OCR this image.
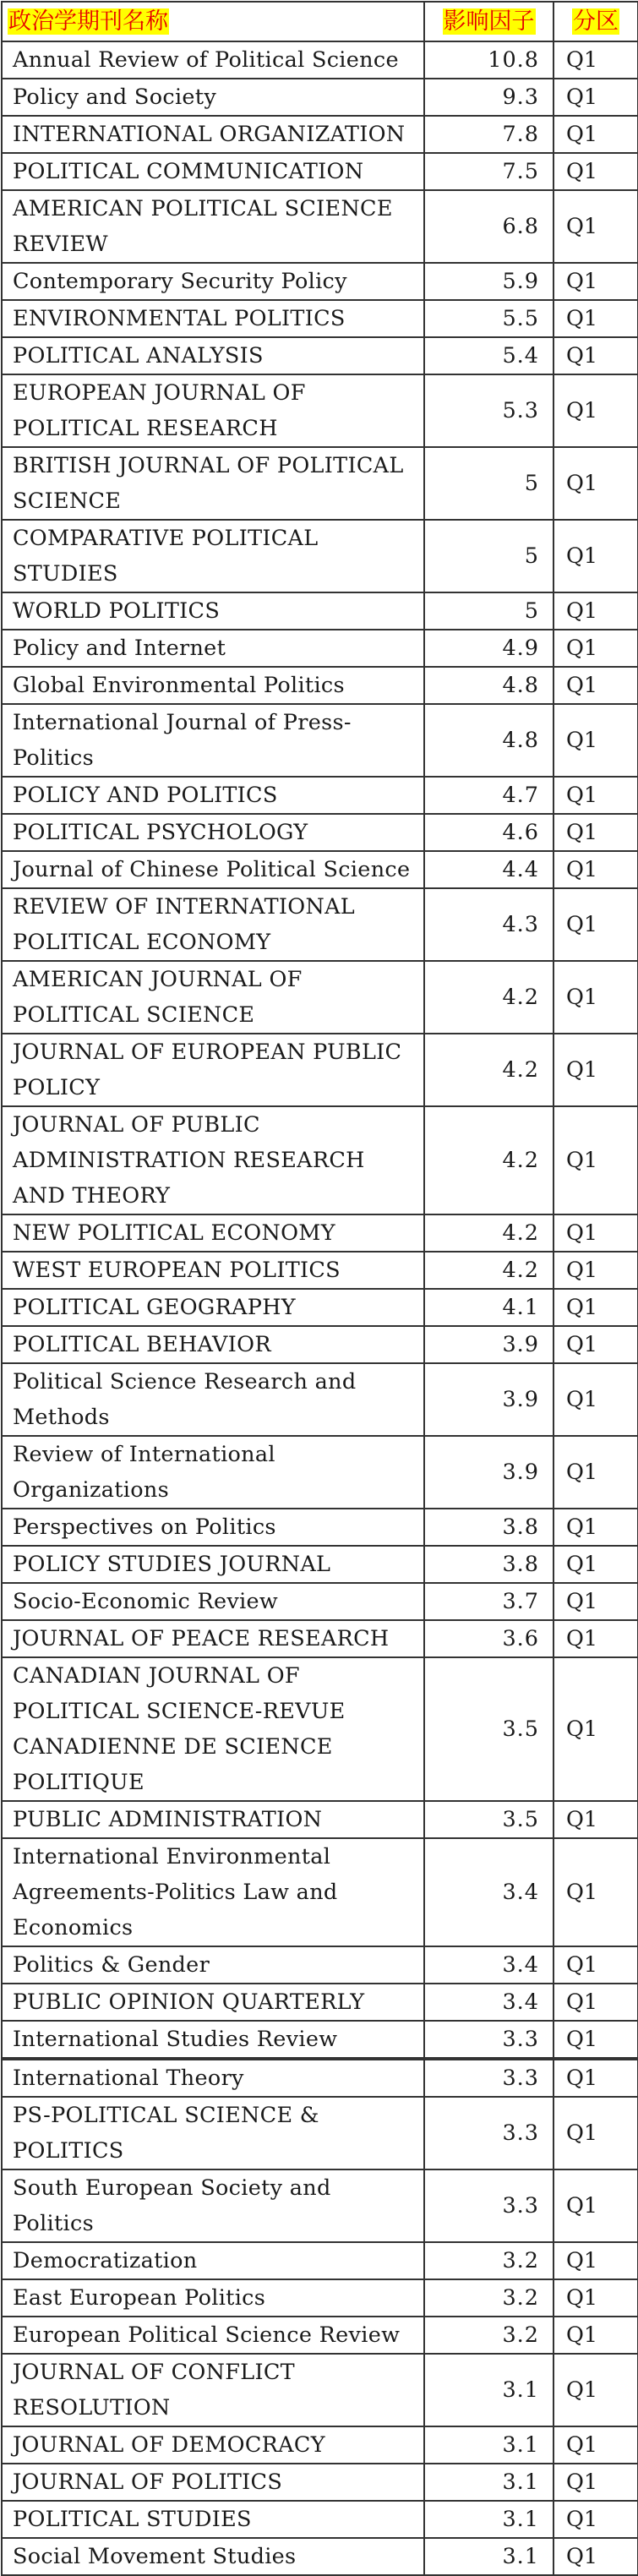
政治学期刊名称	影响因子	分区
Annual Review of Political Science	10.8	Q1
Policy and Society	9.3	Q1
INTERNATIONAL ORGANIZATION	7.8	Q1
POLITICAL COMMUNICATION	7.5	Q1
AMERICAN POLITICAL SCIENCE REVIEW	6.8	Q1
Contemporary Security Policy	5.9	Q1
ENVIRONMENTAL POLITICS	5.5	Q1
POLITICAL ANALYSIS	5.4	Q1
EUROPEAN JOURNAL OF POLITICAL RESEARCH	5.3	Q1
BRITISH JOURNAL OF POLITICAL SCIENCE	5	Q1
COMPARATIVE POLITICAL STUDIES	5	Q1
WORLD POLITICS	5	Q1
Policy and Internet	4.9	Q1
Global Environmental Politics	4.8	Q1
International Journal of Press-Politics	4.8	Q1
POLICY AND POLITICS	4.7	Q1
POLITICAL PSYCHOLOGY	4.6	Q1
Journal of Chinese Political Science	4.4	Q1
REVIEW OF INTERNATIONAL POLITICAL ECONOMY	4.3	Q1
AMERICAN JOURNAL OF POLITICAL SCIENCE	4.2	Q1
JOURNAL OF EUROPEAN PUBLIC POLICY	4.2	Q1
JOURNAL OF PUBLIC ADMINISTRATION RESEARCH AND THEORY	4.2	Q1
NEW POLITICAL ECONOMY	4.2	Q1
WEST EUROPEAN POLITICS	4.2	Q1
POLITICAL GEOGRAPHY	4.1	Q1
POLITICAL BEHAVIOR	3.9	Q1
Political Science Research and Methods	3.9	Q1
Review of International Organizations	3.9	Q1
Perspectives on Politics	3.8	Q1
POLICY STUDIES JOURNAL	3.8	Q1
Socio-Economic Review	3.7	Q1
JOURNAL OF PEACE RESEARCH	3.6	Q1
CANADIAN JOURNAL OF POLITICAL SCIENCE-REVUE CANADIENNE DE SCIENCE POLITIQUE	3.5	Q1
PUBLIC ADMINISTRATION	3.5	Q1
International Environmental Agreements-Politics Law and Economics	3.4	Q1
Politics & Gender	3.4	Q1
PUBLIC OPINION QUARTERLY	3.4	Q1
International Studies Review	3.3	Q1
International Theory	3.3	Q1
PS-POLITICAL SCIENCE & POLITICS	3.3	Q1
South European Society and Politics	3.3	Q1
Democratization	3.2	Q1
East European Politics	3.2	Q1
European Political Science Review	3.2	Q1
JOURNAL OF CONFLICT RESOLUTION	3.1	Q1
JOURNAL OF DEMOCRACY	3.1	Q1
JOURNAL OF POLITICS	3.1	Q1
POLITICAL STUDIES	3.1	Q1
Social Movement Studies	3.1	Q1
